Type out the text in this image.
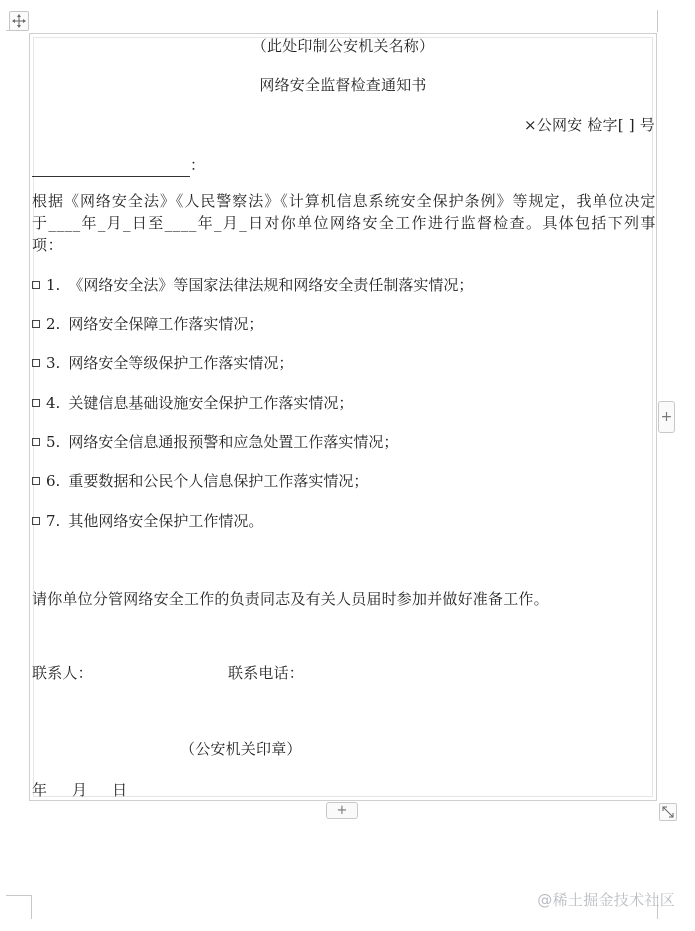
（此处印制公安机关名称）
网络安全监督检查通知书
×公网安 检字[ ] 号
：
根据《网络安全法》《人民警察法》《计算机信息系统安全保护条例》等规定，我单位决定于____年_月_日至____年_月_日对你单位网络安全工作进行监督检查。具体包括下列事项：
1. 《网络安全法》等国家法律法规和网络安全责任制落实情况；
2. 网络安全保障工作落实情况；
3. 网络安全等级保护工作落实情况；
4. 关键信息基础设施安全保护工作落实情况；
5. 网络安全信息通报预警和应急处置工作落实情况；
6. 重要数据和公民个人信息保护工作落实情况；
7. 其他网络安全保护工作情况。
请你单位分管网络安全工作的负责同志及有关人员届时参加并做好准备工作。
联系人：	联系电话：
（公安机关印章）
年     月     日
+
+
@稀土掘金技术社区
